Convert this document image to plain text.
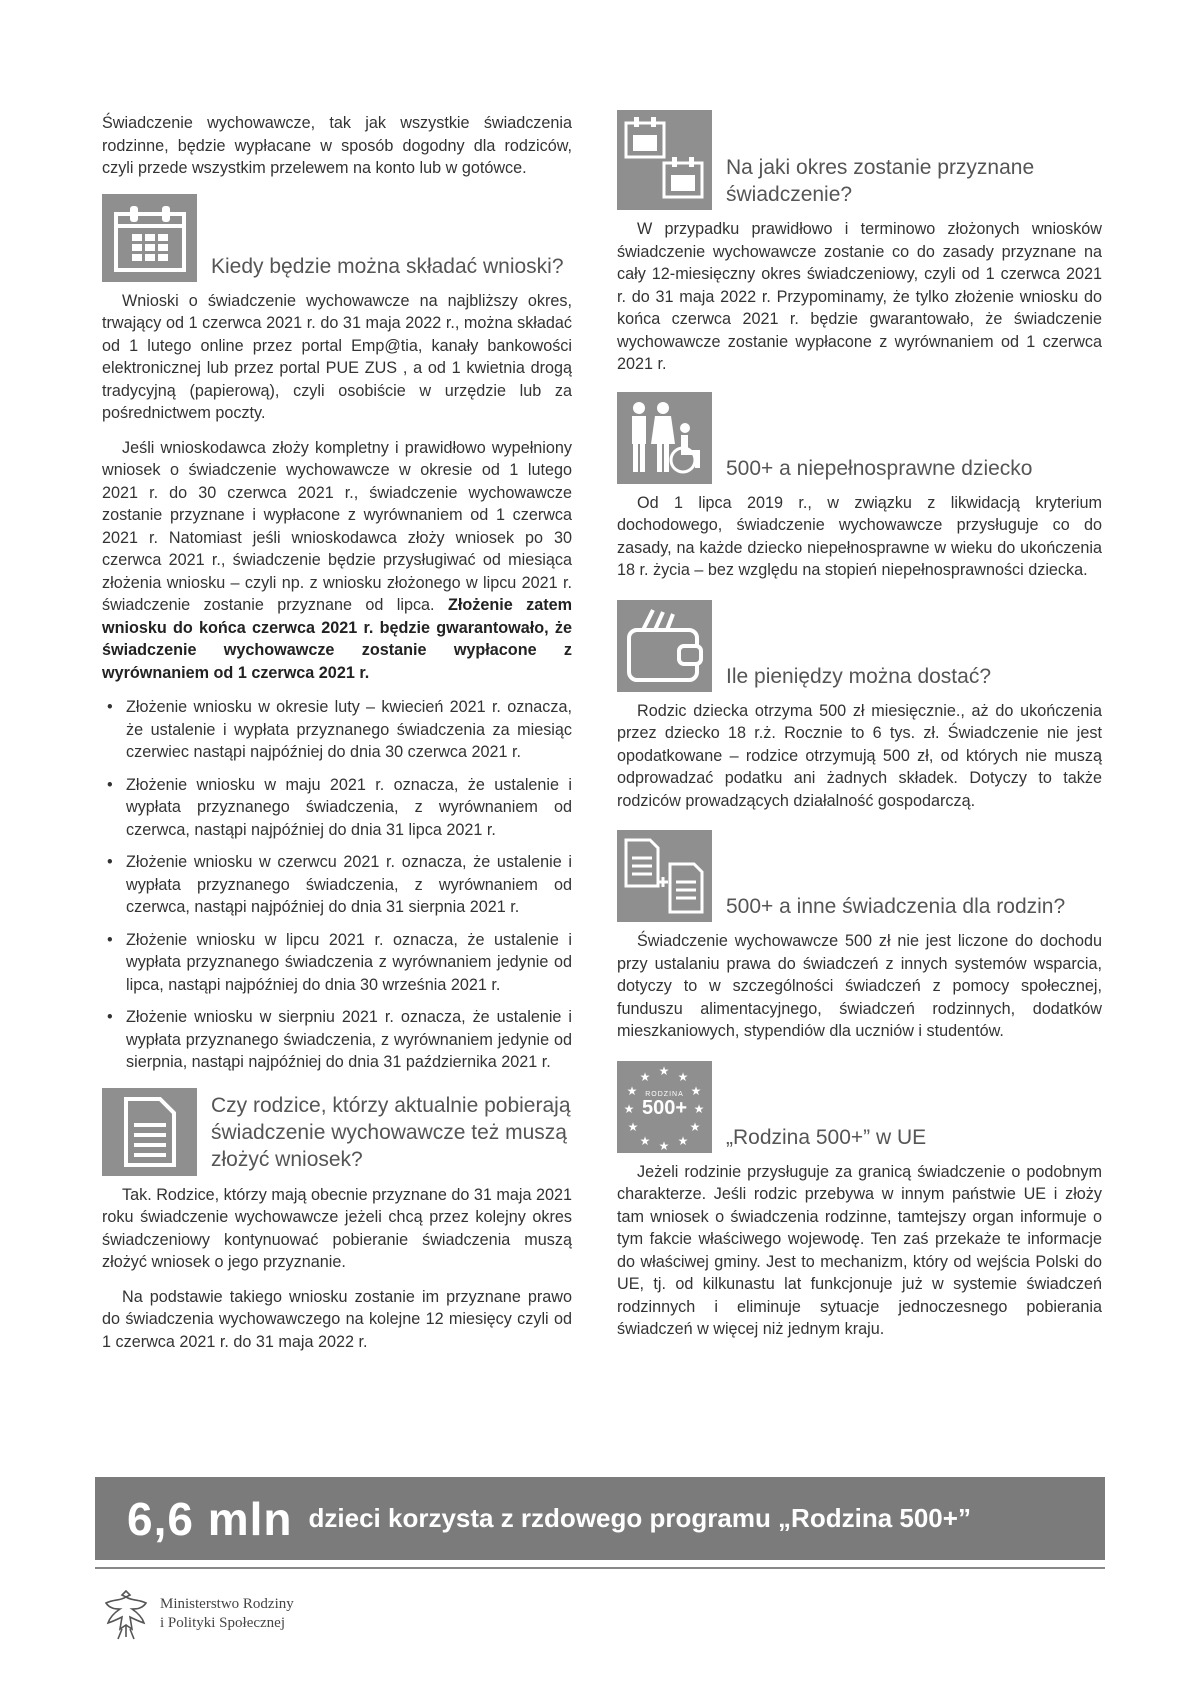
Świadczenie wychowawcze, tak jak wszystkie świadczenia rodzinne, będzie wypłacane w sposób dogodny dla rodziców, czyli przede wszystkim przelewem na konto lub w gotówce.

Kiedy będzie można składać wnioski?

Wnioski o świadczenie wychowawcze na najbliższy okres, trwający od 1 czerwca 2021 r. do 31 maja 2022 r., można składać od 1 lutego online przez portal Emp@tia, kanały bankowości elektronicznej lub przez portal PUE ZUS , a od 1 kwietnia drogą tradycyjną (papierową), czyli osobiście w urzędzie lub za pośrednictwem poczty.

Jeśli wnioskodawca złoży kompletny i prawidłowo wypełniony wniosek o świadczenie wychowawcze w okresie od 1 lutego 2021 r. do 30 czerwca 2021 r., świadczenie wychowawcze zostanie przyznane i wypłacone z wyrównaniem od 1 czerwca 2021 r. Natomiast jeśli wnioskodawca złoży wniosek po 30 czerwca 2021 r., świadczenie będzie przysługiwać od miesiąca złożenia wniosku – czyli np. z wniosku złożonego w lipcu 2021 r. świadczenie zostanie przyznane od lipca. Złożenie zatem wniosku do końca czerwca 2021 r. będzie gwarantowało, że świadczenie wychowawcze zostanie wypłacone z wyrównaniem od 1 czerwca 2021 r.

• Złożenie wniosku w okresie luty – kwiecień 2021 r. oznacza, że ustalenie i wypłata przyznanego świadczenia za miesiąc czerwiec nastąpi najpóźniej do dnia 30 czerwca 2021 r.
• Złożenie wniosku w maju 2021 r. oznacza, że ustalenie i wypłata przyznanego świadczenia, z wyrównaniem od czerwca, nastąpi najpóźniej do dnia 31 lipca 2021 r.
• Złożenie wniosku w czerwcu 2021 r. oznacza, że ustalenie i wypłata przyznanego świadczenia, z wyrównaniem od czerwca, nastąpi najpóźniej do dnia 31 sierpnia 2021 r.
• Złożenie wniosku w lipcu 2021 r. oznacza, że ustalenie i wypłata przyznanego świadczenia z wyrównaniem jedynie od lipca, nastąpi najpóźniej do dnia 30 września 2021 r.
• Złożenie wniosku w sierpniu 2021 r. oznacza, że ustalenie i wypłata przyznanego świadczenia, z wyrównaniem jedynie od sierpnia, nastąpi najpóźniej do dnia 31 października 2021 r.
Czy rodzice, którzy aktualnie pobierają świadczenie wychowawcze też muszą złożyć wniosek?

Tak. Rodzice, którzy mają obecnie przyznane do 31 maja 2021 roku świadczenie wychowawcze jeżeli chcą przez kolejny okres świadczeniowy kontynuować pobieranie świadczenia muszą złożyć wniosek o jego przyznanie.

Na podstawie takiego wniosku zostanie im przyznane prawo do świadczenia wychowawczego na kolejne 12 miesięcy czyli od 1 czerwca 2021 r. do 31 maja 2022 r.

Na jaki okres zostanie przyznane świadczenie?

W przypadku prawidłowo i terminowo złożonych wniosków świadczenie wychowawcze zostanie co do zasady przyznane na cały 12-miesięczny okres świadczeniowy, czyli od 1 czerwca 2021 r. do 31 maja 2022 r. Przypominamy, że tylko złożenie wniosku do końca czerwca 2021 r. będzie gwarantowało, że świadczenie wychowawcze zostanie wypłacone z wyrównaniem od 1 czerwca 2021 r.

500+ a niepełnosprawne dziecko

Od 1 lipca 2019 r., w związku z likwidacją kryterium dochodowego, świadczenie wychowawcze przysługuje co do zasady, na każde dziecko niepełnosprawne w wieku do ukończenia 18 r. życia – bez względu na stopień niepełnosprawności dziecka.

Ile pieniędzy można dostać?

Rodzic dziecka otrzyma 500 zł miesięcznie., aż do ukończenia przez dziecko 18 r.ż. Rocznie to 6 tys. zł. Świadczenie nie jest opodatkowane – rodzice otrzymują 500 zł, od których nie muszą odprowadzać podatku ani żadnych składek. Dotyczy to także rodziców prowadzących działalność gospodarczą.

500+ a inne świadczenia dla rodzin?

Świadczenie wychowawcze 500 zł nie jest liczone do dochodu przy ustalaniu prawa do świadczeń z innych systemów wsparcia, dotyczy to w szczególności świadczeń z pomocy społecznej, funduszu alimentacyjnego, świadczeń rodzinnych, dodatków mieszkaniowych, stypendiów dla uczniów i studentów.

★ ★
★
★
★
★
★
★
★
★
★
★
RODZINA
500+
„Rodzina 500+” w UE

Jeżeli rodzinie przysługuje za granicą świadczenie o podobnym charakterze. Jeśli rodzic przebywa w innym państwie UE i złoży tam wniosek o świadczenia rodzinne, tamtejszy organ informuje o tym fakcie właściwego wojewodę. Ten zaś przekaże te informacje do właściwej gminy. Jest to mechanizm, który od wejścia Polski do UE, tj. od kilkunastu lat funkcjonuje już w systemie świadczeń rodzinnych i eliminuje sytuacje jednoczesnego pobierania świadczeń w więcej niż jednym kraju.

6,6 mln dzieci korzysta z rzdowego programu „Rodzina 500+”
Ministerstwo Rodziny
i Polityki Społecznej
